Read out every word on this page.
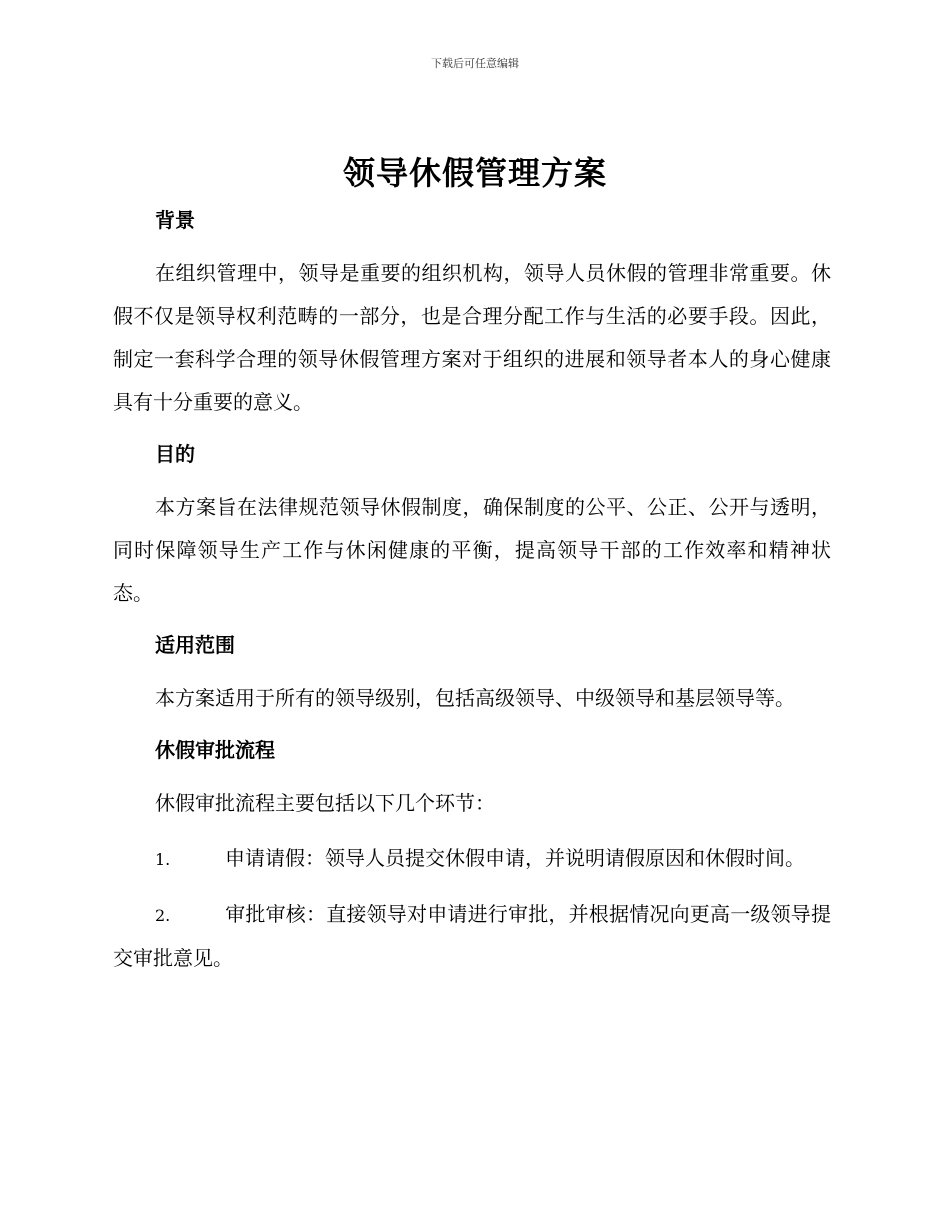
下载后可任意编辑
领导休假管理方案
背景

在组织管理中，领导是重要的组织机构，领导人员休假的管理非常重要。休假不仅是领导权利范畴的一部分，也是合理分配工作与生活的必要手段。因此，制定一套科学合理的领导休假管理方案对于组织的进展和领导者本人的身心健康具有十分重要的意义。

目的

本方案旨在法律规范领导休假制度，确保制度的公平、公正、公开与透明，同时保障领导生产工作与休闲健康的平衡，提高领导干部的工作效率和精神状态。

适用范围

本方案适用于所有的领导级别，包括高级领导、中级领导和基层领导等。

休假审批流程

休假审批流程主要包括以下几个环节：

1.	申请请假：领导人员提交休假申请，并说明请假原因和休假时间。

2.	审批审核：直接领导对申请进行审批，并根据情况向更高一级领导提交审批意见。
